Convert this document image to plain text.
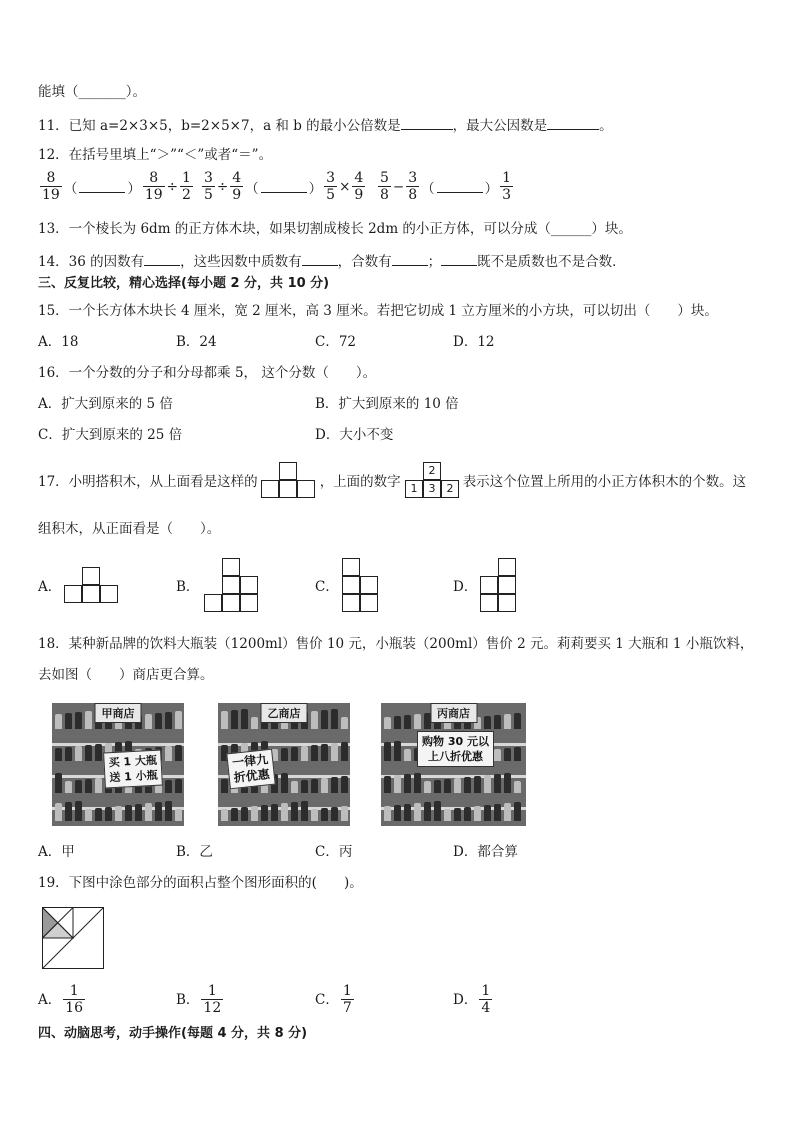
能填（_______）。
11．已知 a=2×3×5，b=2×5×7，a 和 b 的最小公倍数是	，最大公因数是	。
12．在括号里填上“＞”“＜”或者“＝”。
$\frac{8}{19}$ （	） $\frac{8}{19} \div \frac{1}{2} \frac{3}{5} \div \frac{4}{9}$ （	） $\frac{3}{5} \times \frac{4}{9} \frac{5}{8} - \frac{3}{8}$ （	） $\frac{1}{3}$
13．一个棱长为 6dm 的正方体木块，如果切割成棱长 2dm 的小正方体，可以分成（______）块。
14．36 的因数有	，这些因数中质数有	，合数有	；	既不是质数也不是合数．
三、反复比较，精心选择(每小题 2 分，共 10 分)
15．一个长方体木块长 4 厘米，宽 2 厘米，高 3 厘米。若把它切成 1 立方厘米的小方块，可以切出（　　）块。
A．18	B．24	C．72	D．12
16．一个分数的分子和分母都乘 5， 这个分数（　　）。
A．扩大到原来的 5 倍	B．扩大到原来的 10 倍
C．扩大到原来的 25 倍	D．大小不变
17．小明搭积木，从上面看是这样的	，上面的数字	表示这个位置上所用的小正方体积木的个数。这
2
1	3	2
组积木，从正面看是（　　）。
A．	B．	C．	D．
18．某种新品牌的饮料大瓶装（1200ml）售价 10 元，小瓶装（200ml）售价 2 元。莉莉要买 1 大瓶和 1 小瓶饮料，
去如图（　　）商店更合算。
甲商店
买 1 大瓶
送 1 小瓶
乙商店
一律九
折优惠
丙商店
购物 30 元以
上八折优惠
A．甲	B．乙	C．丙	D．都合算
19．下图中涂色部分的面积占整个图形面积的(　　)。
A． $\frac{1}{16}$	B． $\frac{1}{12}$	C． $\frac{1}{7}$	D． $\frac{1}{4}$
四、动脑思考，动手操作(每题 4 分，共 8 分)
